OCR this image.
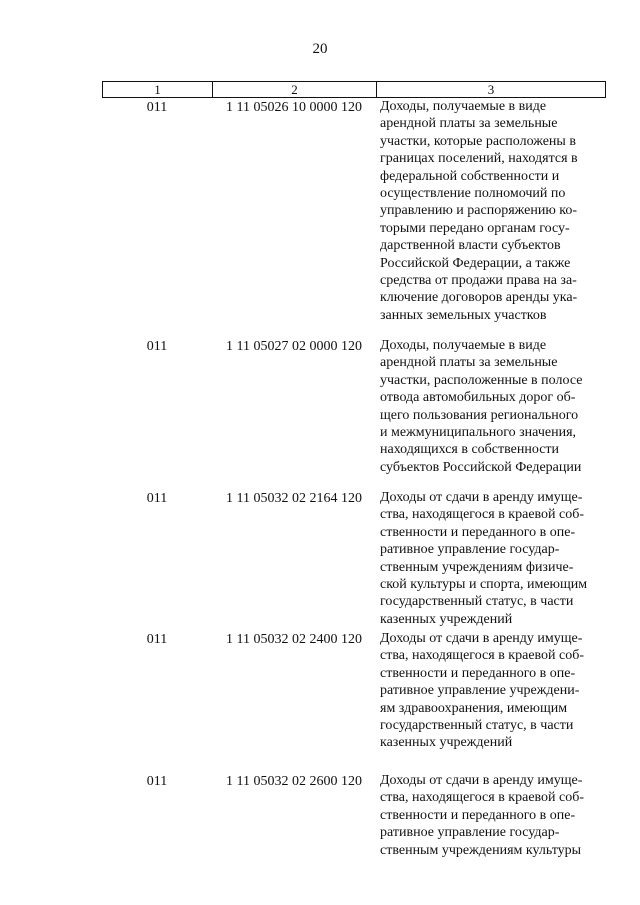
20
1	2	3
011	1 11 05026 10 0000 120	Доходы, получаемые в виде
арендной платы за земельные
участки, которые расположены в
границах поселений, находятся в
федеральной собственности и
осуществление полномочий по
управлению и распоряжению ко-
торыми передано органам госу-
дарственной власти субъектов
Российской Федерации, а также
средства от продажи права на за-
ключение договоров аренды ука-
занных земельных участков
011	1 11 05027 02 0000 120	Доходы, получаемые в виде
арендной платы за земельные
участки, расположенные в полосе
отвода автомобильных дорог об-
щего пользования регионального
и межмуниципального значения,
находящихся в собственности
субъектов Российской Федерации
011	1 11 05032 02 2164 120	Доходы от сдачи в аренду имуще-
ства, находящегося в краевой соб-
ственности и переданного в опе-
ративное управление государ-
ственным учреждениям физиче-
ской культуры и спорта, имеющим
государственный статус, в части
казенных учреждений
011	1 11 05032 02 2400 120	Доходы от сдачи в аренду имуще-
ства, находящегося в краевой соб-
ственности и переданного в опе-
ративное управление учреждени-
ям здравоохранения, имеющим
государственный статус, в части
казенных учреждений
011	1 11 05032 02 2600 120	Доходы от сдачи в аренду имуще-
ства, находящегося в краевой соб-
ственности и переданного в опе-
ративное управление государ-
ственным учреждениям культуры
